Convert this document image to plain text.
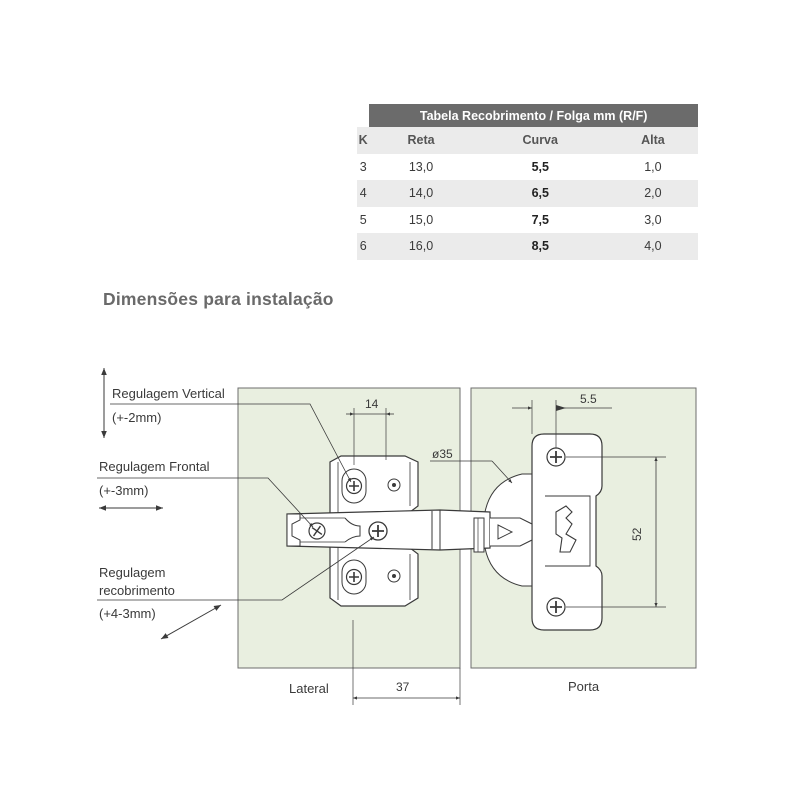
	Tabela Recobrimento / Folga mm (R/F)		
K	Reta	Curva	Alta
3	13,0	5,5	1,0
4	14,0	6,5	2,0
5	15,0	7,5	3,0
6	16,0	8,5	4,0
Dimensões para instalação
14
37
5.5
ø35
52
Regulagem Vertical
(+-2mm)
Regulagem Frontal
(+-3mm)
Regulagem
recobrimento
(+4-3mm)
Lateral	Porta
